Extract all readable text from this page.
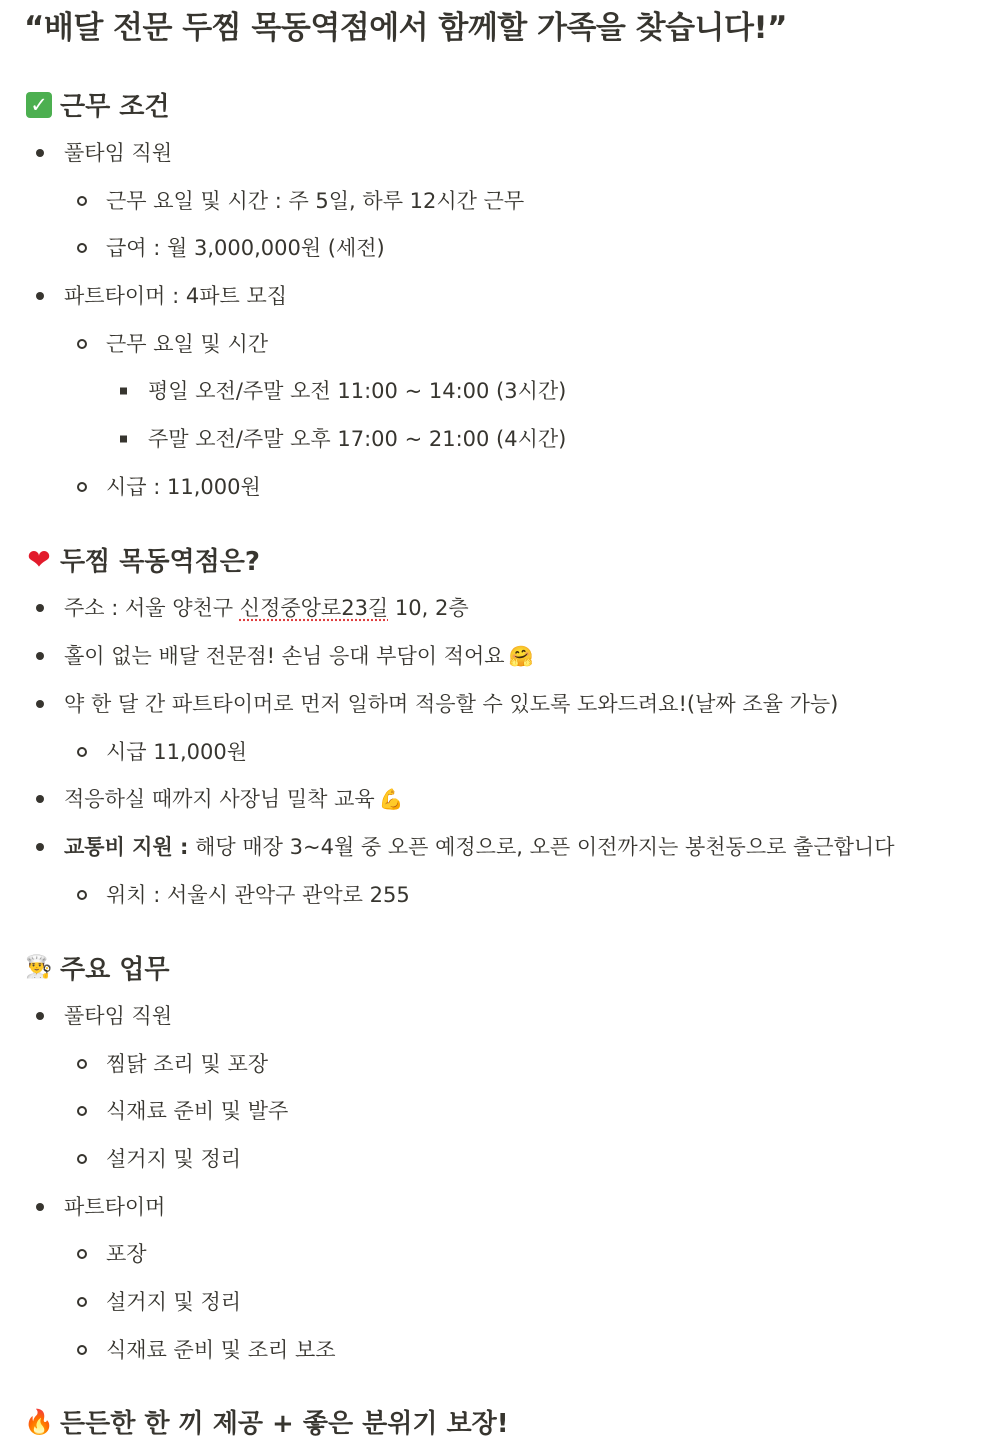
“배달 전문 두찜 목동역점에서 함께할 가족을 찾습니다!”
✓ 근무 조건
풀타임 직원
근무 요일 및 시간 : 주 5일, 하루 12시간 근무
급여 : 월 3,000,000원 (세전)
파트타이머 : 4파트 모집
근무 요일 및 시간
평일 오전/주말 오전 11:00 ~ 14:00 (3시간)
주말 오전/주말 오후 17:00 ~ 21:00 (4시간)
시급 : 11,000원
❤ 두찜 목동역점은?
주소 : 서울 양천구 신정중앙로23길 10, 2층
홀이 없는 배달 전문점! 손님 응대 부담이 적어요 🤗
약 한 달 간 파트타이머로 먼저 일하며 적응할 수 있도록 도와드려요!(날짜 조율 가능)
시급 11,000원
적응하실 때까지 사장님 밀착 교육 💪
교통비 지원 : 해당 매장 3~4월 중 오픈 예정으로, 오픈 이전까지는 봉천동으로 출근합니다
위치 : 서울시 관악구 관악로 255
👨‍🍳 주요 업무
풀타임 직원
찜닭 조리 및 포장
식재료 준비 및 발주
설거지 및 정리
파트타이머
포장
설거지 및 정리
식재료 준비 및 조리 보조
🔥 든든한 한 끼 제공 + 좋은 분위기 보장!
